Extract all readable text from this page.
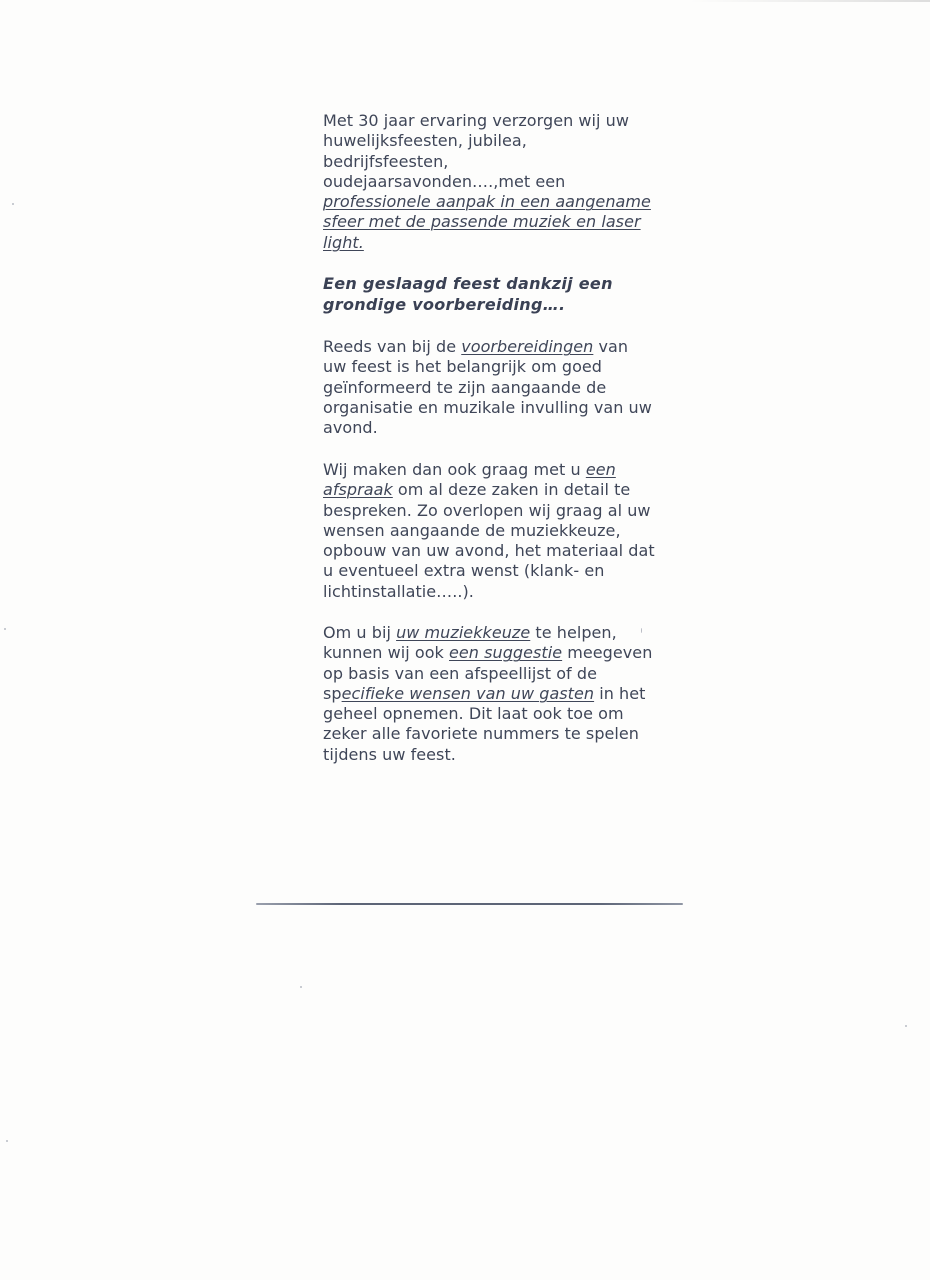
Met 30 jaar ervaring verzorgen wij uw
huwelijksfeesten, jubilea,
bedrijfsfeesten,
oudejaarsavonden….,met een
professionele aanpak in een aangename
sfeer met de passende muziek en laser
light.

Een geslaagd feest dankzij een
grondige voorbereiding….

Reeds van bij de voorbereidingen van
uw feest is het belangrijk om goed
geïnformeerd te zijn aangaande de
organisatie en muzikale invulling van uw
avond.

Wij maken dan ook graag met u een
afspraak om al deze zaken in detail te
bespreken. Zo overlopen wij graag al uw
wensen aangaande de muziekkeuze,
opbouw van uw avond, het materiaal dat
u eventueel extra wenst (klank- en
lichtinstallatie…..).

Om u bij uw muziekkeuze te helpen,
kunnen wij ook een suggestie meegeven
op basis van een afspeellijst of de
specifieke wensen van uw gasten in het
geheel opnemen. Dit laat ook toe om
zeker alle favoriete nummers te spelen
tijdens uw feest.
